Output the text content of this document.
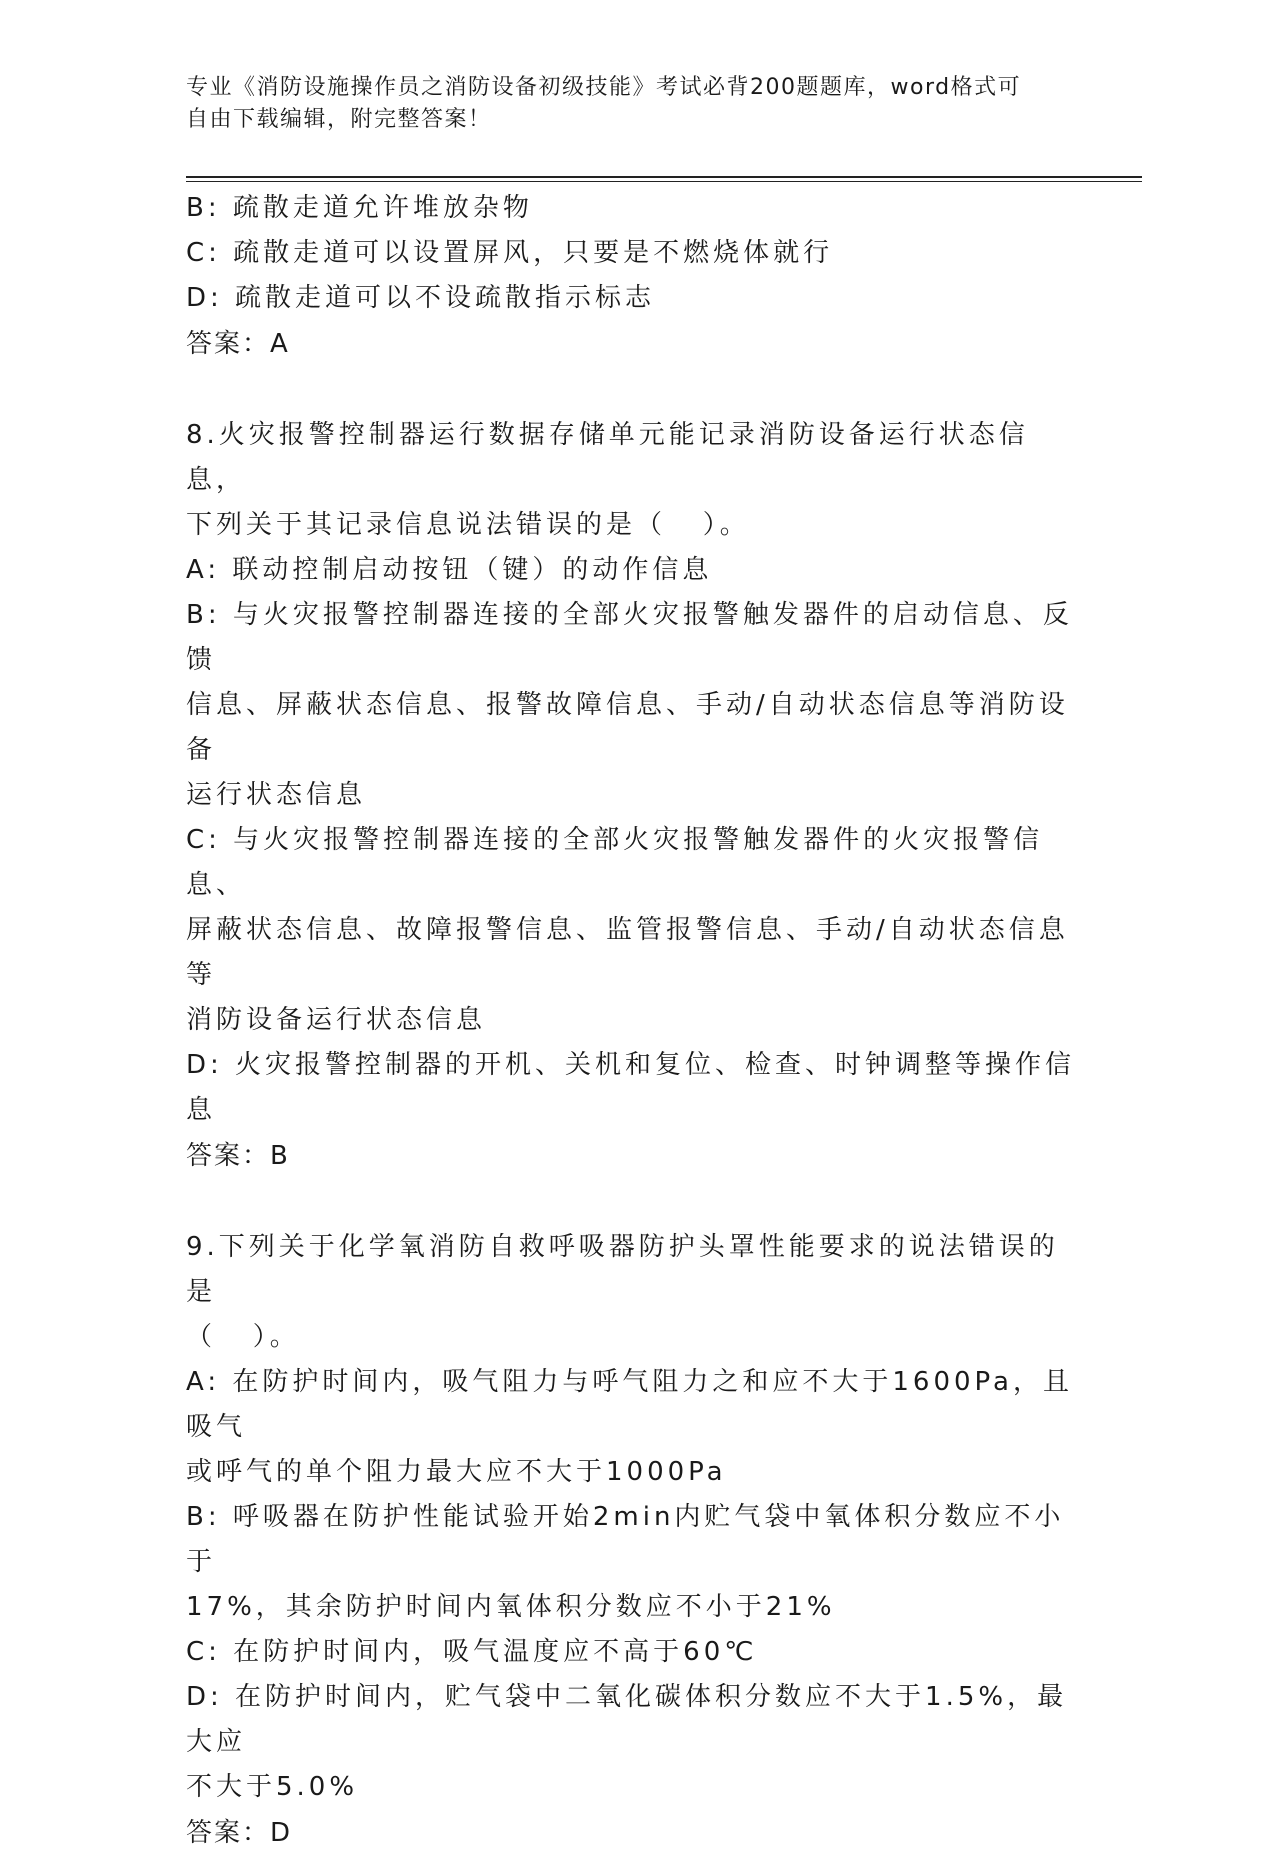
专业《消防设施操作员之消防设备初级技能》考试必背200题题库，word格式可
自由下载编辑，附完整答案！
B: 疏散走道允许堆放杂物
C: 疏散走道可以设置屏风，只要是不燃烧体就行
D: 疏散走道可以不设疏散指示标志
答案：A
8.火灾报警控制器运行数据存储单元能记录消防设备运行状态信息，
下列关于其记录信息说法错误的是（   ）。
A: 联动控制启动按钮（键）的动作信息
B: 与火灾报警控制器连接的全部火灾报警触发器件的启动信息、反馈
信息、屏蔽状态信息、报警故障信息、手动/自动状态信息等消防设备
运行状态信息
C: 与火灾报警控制器连接的全部火灾报警触发器件的火灾报警信息、
屏蔽状态信息、故障报警信息、监管报警信息、手动/自动状态信息等
消防设备运行状态信息
D: 火灾报警控制器的开机、关机和复位、检查、时钟调整等操作信息
答案：B
9.下列关于化学氧消防自救呼吸器防护头罩性能要求的说法错误的是
（   ）。
A: 在防护时间内，吸气阻力与呼气阻力之和应不大于1600Pa，且吸气
或呼气的单个阻力最大应不大于1000Pa
B: 呼吸器在防护性能试验开始2min内贮气袋中氧体积分数应不小于
17%，其余防护时间内氧体积分数应不小于21%
C: 在防护时间内，吸气温度应不高于60℃
D: 在防护时间内，贮气袋中二氧化碳体积分数应不大于1.5%，最大应
不大于5.0%
答案：D
